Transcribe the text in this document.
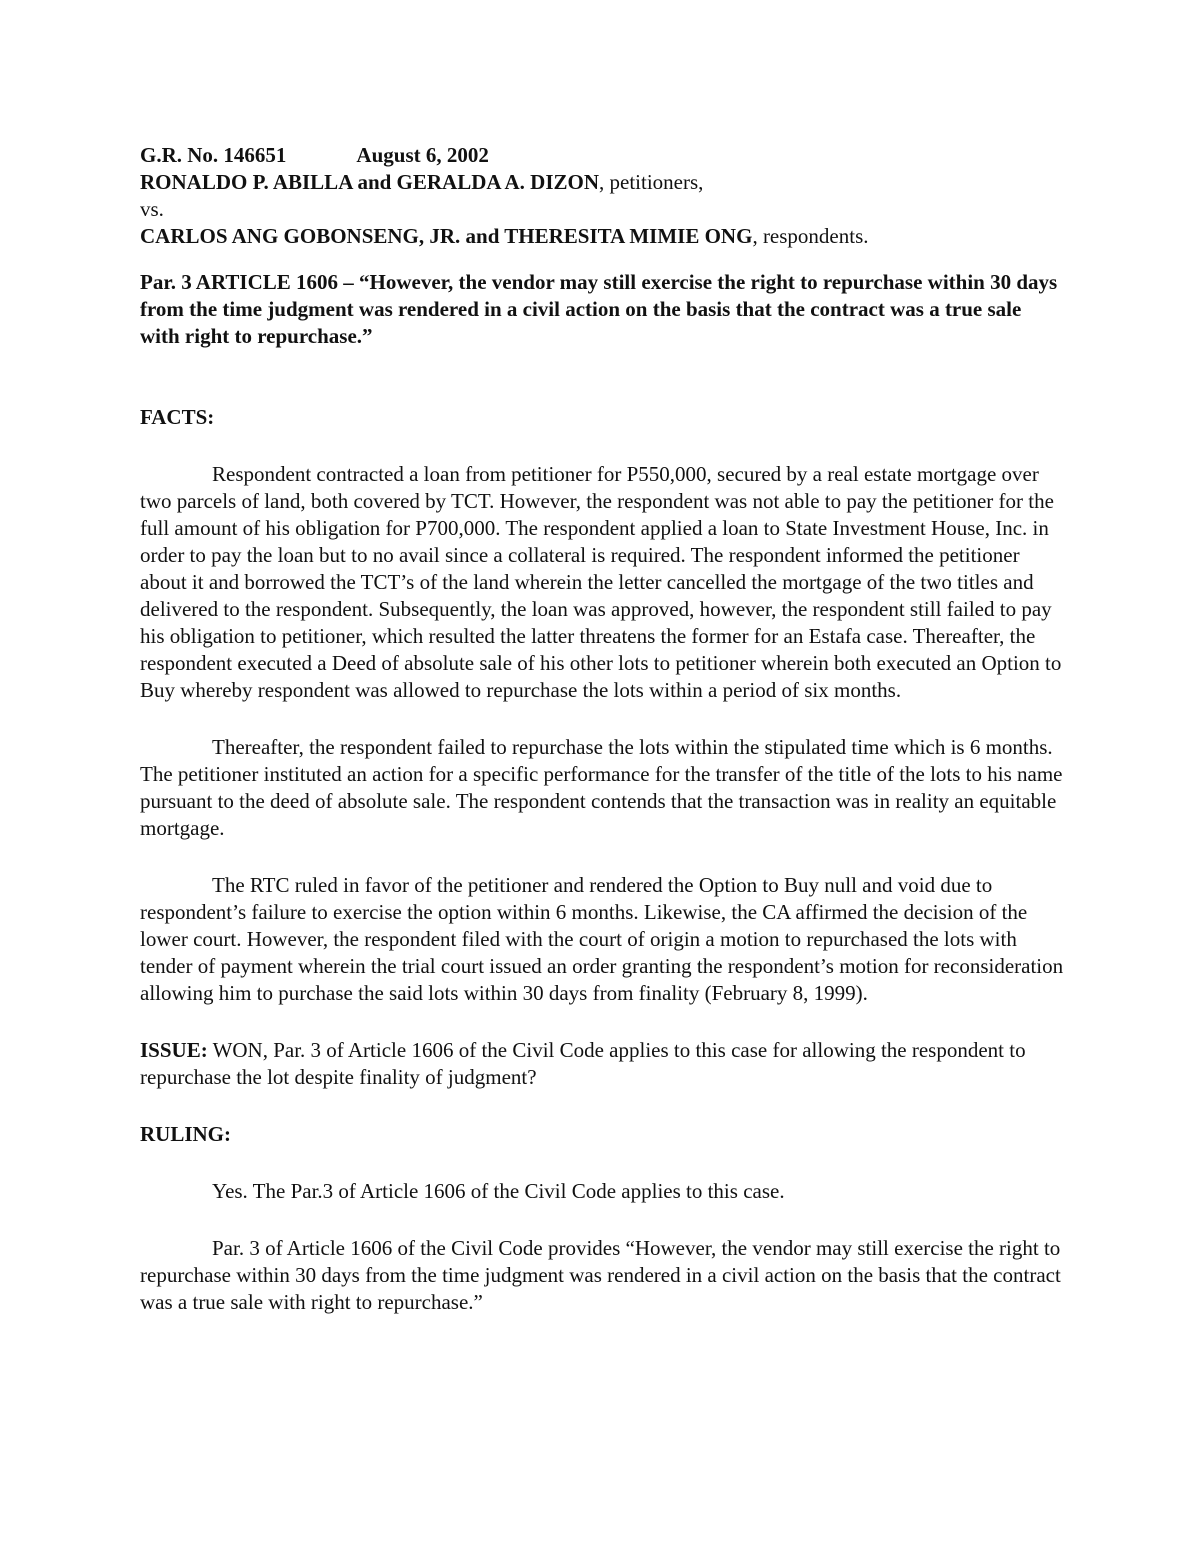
G.R. No. 146651	August 6, 2002

RONALDO P. ABILLA and GERALDA A. DIZON, petitioners,

vs.

CARLOS ANG GOBONSENG, JR. and THERESITA MIMIE ONG, respondents.

Par. 3 ARTICLE 1606 – “However, the vendor may still exercise the right to repurchase within 30 days from the time judgment was rendered in a civil action on the basis that the contract was a true sale with right to repurchase.”

FACTS:

Respondent contracted a loan from petitioner for P550,000, secured by a real estate mortgage over two parcels of land, both covered by TCT. However, the respondent was not able to pay the petitioner for the full amount of his obligation for P700,000. The respondent applied a loan to State Investment House, Inc. in order to pay the loan but to no avail since a collateral is required. The respondent informed the petitioner about it and borrowed the TCT’s of the land wherein the letter cancelled the mortgage of the two titles and delivered to the respondent. Subsequently, the loan was approved, however, the respondent still failed to pay his obligation to petitioner, which resulted the latter threatens the former for an Estafa case. Thereafter, the respondent executed a Deed of absolute sale of his other lots to petitioner wherein both executed an Option to Buy whereby respondent was allowed to repurchase the lots within a period of six months.

Thereafter, the respondent failed to repurchase the lots within the stipulated time which is 6 months. The petitioner instituted an action for a specific performance for the transfer of the title of the lots to his name pursuant to the deed of absolute sale. The respondent contends that the transaction was in reality an equitable mortgage.

The RTC ruled in favor of the petitioner and rendered the Option to Buy null and void due to respondent’s failure to exercise the option within 6 months. Likewise, the CA affirmed the decision of the lower court. However, the respondent filed with the court of origin a motion to repurchased the lots with tender of payment wherein the trial court issued an order granting the respondent’s motion for reconsideration allowing him to purchase the said lots within 30 days from finality (February 8, 1999).

ISSUE: WON, Par. 3 of Article 1606 of the Civil Code applies to this case for allowing the respondent to repurchase the lot despite finality of judgment?

RULING:

Yes. The Par.3 of Article 1606 of the Civil Code applies to this case.

Par. 3 of Article 1606 of the Civil Code provides “However, the vendor may still exercise the right to repurchase within 30 days from the time judgment was rendered in a civil action on the basis that the contract was a true sale with right to repurchase.”
